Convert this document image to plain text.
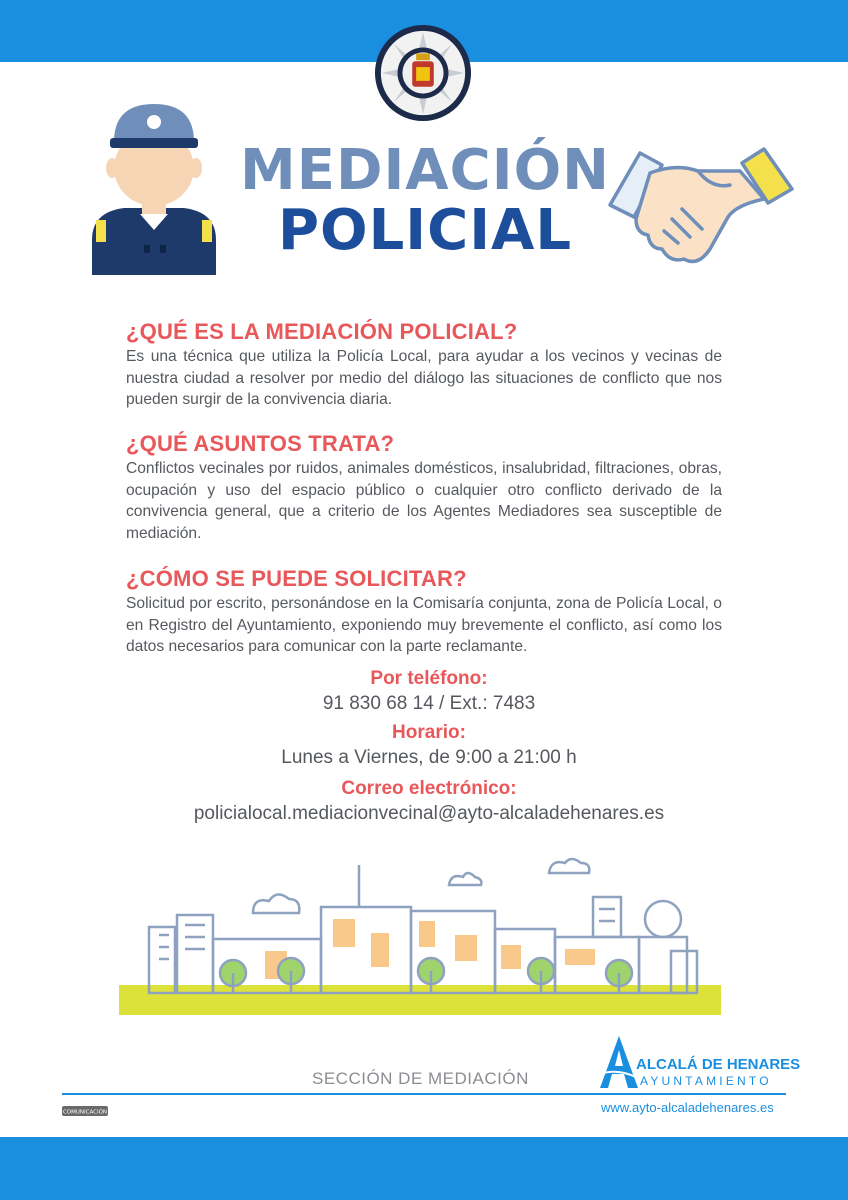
MEDIACIÓN
POLICIAL
¿QUÉ ES LA MEDIACIÓN POLICIAL?

Es una técnica que utiliza la Policía Local, para ayudar a los vecinos y vecinas de nuestra ciudad a resolver por medio del diálogo las situaciones de conflicto que nos pueden surgir de la convivencia diaria.

¿QUÉ ASUNTOS TRATA?

Conflictos vecinales por ruidos, animales domésticos, insalubridad, filtraciones, obras, ocupación y uso del espacio público o cualquier otro conflicto derivado de la convivencia general, que a criterio de los Agentes Mediadores sea susceptible de mediación.

¿CÓMO SE PUEDE SOLICITAR?

Solicitud por escrito, personándose en la Comisaría conjunta, zona de Policía Local, o en Registro del Ayuntamiento, exponiendo muy brevemente el conflicto, así como los datos necesarios para comunicar con la parte reclamante.

Por teléfono:
91 830 68 14 / Ext.: 7483
Horario:
Lunes a Viernes, de 9:00 a 21:00 h
Correo electrónico:
policialocal.mediacionvecinal@ayto-alcaladehenares.es
SECCIÓN DE MEDIACIÓN
ALCALÁ DE HENARES
AYUNTAMIENTO
COMUNICACIÓN	www.ayto-alcaladehenares.es
